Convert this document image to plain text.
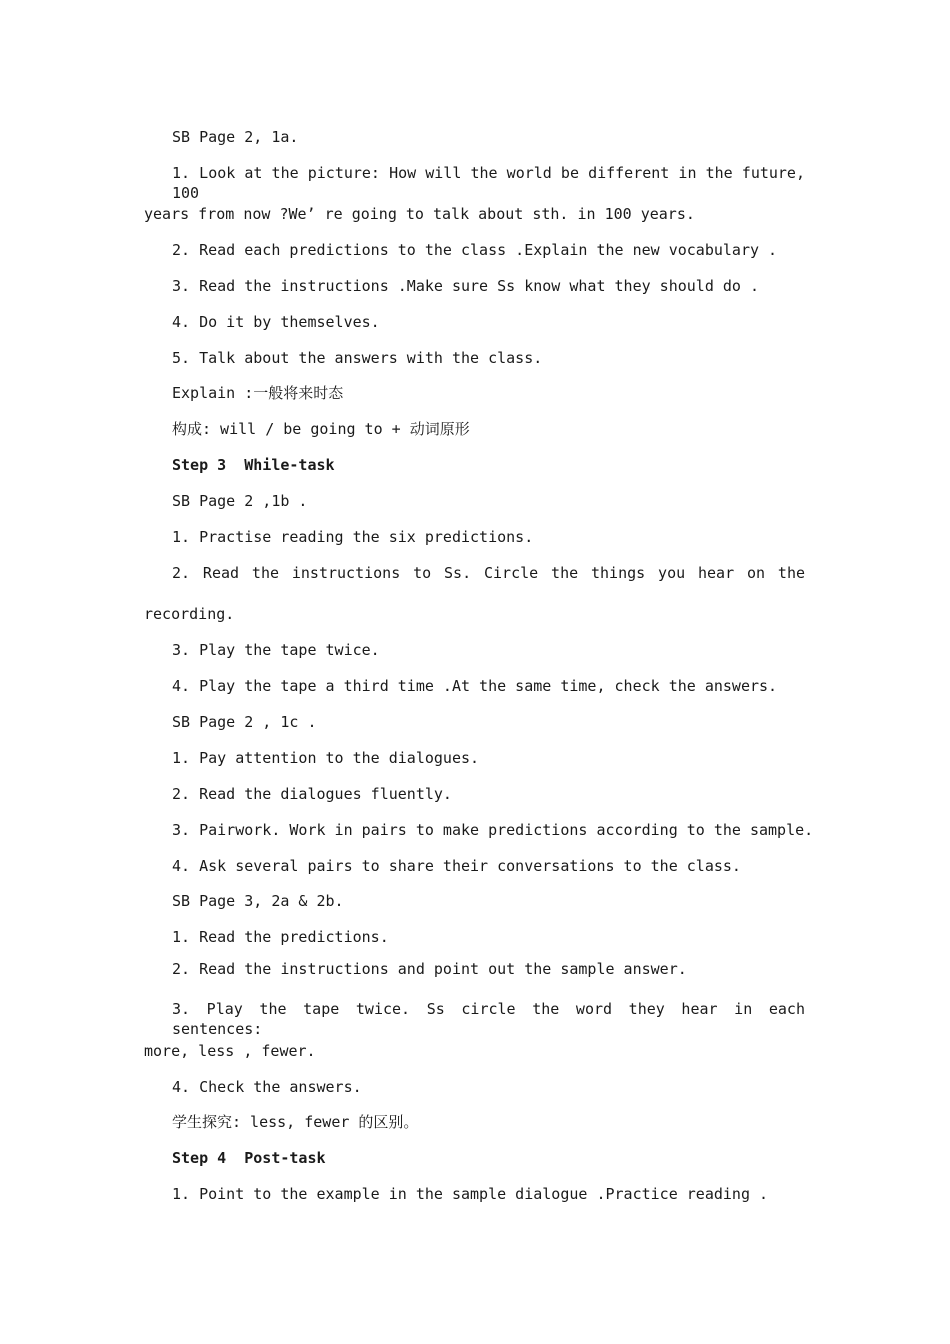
SB Page 2, 1a.
1. Look at the picture: How will the world be different in the future, 100
years from now ?We’ re going to talk about sth. in 100 years.
2. Read each predictions to the class .Explain the new vocabulary .
3. Read the instructions .Make sure Ss know what they should do .
4. Do it by themselves.
5. Talk about the answers with the class.
Explain :一般将来时态
构成: will / be going to + 动词原形
Step 3  While-task
SB Page 2 ,1b .
1. Practise reading the six predictions.
2. Read the instructions to Ss. Circle the things you hear on the
recording.
3. Play the tape twice.
4. Play the tape a third time .At the same time, check the answers.
SB Page 2 , 1c .
1. Pay attention to the dialogues.
2. Read the dialogues fluently.
3. Pairwork. Work in pairs to make predictions according to the sample.
4. Ask several pairs to share their conversations to the class.
SB Page 3, 2a & 2b.
1. Read the predictions.
2. Read the instructions and point out the sample answer.
3. Play the tape twice. Ss circle the word they hear in each sentences:
more, less , fewer.
4. Check the answers.
学生探究: less, fewer 的区别。
Step 4  Post-task
1. Point to the example in the sample dialogue .Practice reading .
